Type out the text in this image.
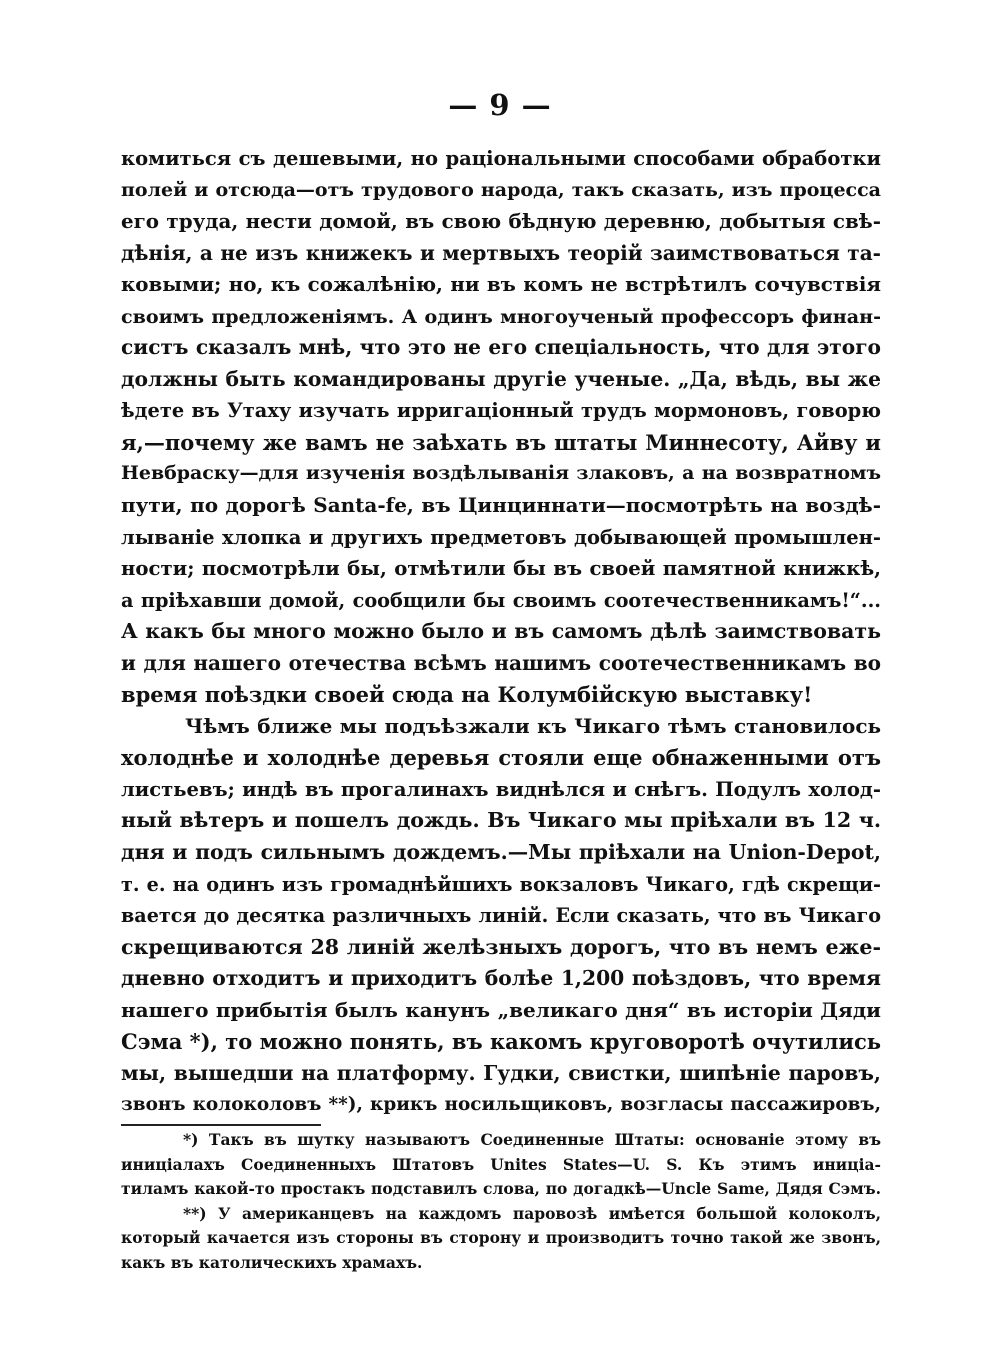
— 9 —
комиться съ дешевыми, но раціональными способами обработки
полей и отсюда—отъ трудового народа, такъ сказать, изъ процесса
его труда, нести домой, въ свою бѣдную деревню, добытыя свѣ-
дѣнія, а не изъ книжекъ и мертвыхъ теорій заимствоваться та-
ковыми; но, къ сожалѣнію, ни въ комъ не встрѣтилъ сочувствія
своимъ предложеніямъ. А одинъ многоученый профессоръ финан-
систъ сказалъ мнѣ, что это не его спеціальность, что для этого
должны быть командированы другіе ученые. „Да, вѣдь, вы же
ѣдете въ Утаху изучать ирригаціонный трудъ мормоновъ, говорю
я,—почему же вамъ не заѣхать въ штаты Миннесоту, Айву и
Невбраску—для изученія воздѣлыванія злаковъ, а на возвратномъ
пути, по дорогѣ Santa-fe, въ Цинциннати—посмотрѣть на воздѣ-
лываніе хлопка и другихъ предметовъ добывающей промышлен-
ности; посмотрѣли бы, отмѣтили бы въ своей памятной книжкѣ,
а пріѣхавши домой, сообщили бы своимъ соотечественникамъ!“...
А какъ бы много можно было и въ самомъ дѣлѣ заимствовать
и для нашего отечества всѣмъ нашимъ соотечественникамъ во
время поѣздки своей сюда на Колумбійскую выставку!
Чѣмъ ближе мы подъѣзжали къ Чикаго тѣмъ становилось
холоднѣе и холоднѣе деревья стояли еще обнаженными отъ
листьевъ; индѣ въ прогалинахъ виднѣлся и снѣгъ. Подулъ холод-
ный вѣтеръ и пошелъ дождь. Въ Чикаго мы пріѣхали въ 12 ч.
дня и подъ сильнымъ дождемъ.—Мы пріѣхали на Union-Depot,
т. е. на одинъ изъ громаднѣйшихъ вокзаловъ Чикаго, гдѣ скрещи-
вается до десятка различныхъ линій. Если сказать, что въ Чикаго
скрещиваются 28 линій желѣзныхъ дорогъ, что въ немъ еже-
дневно отходитъ и приходитъ болѣе 1,200 поѣздовъ, что время
нашего прибытія былъ канунъ „великаго дня“ въ исторіи Дяди
Сэма *), то можно понять, въ какомъ круговоротѣ очутились
мы, вышедши на платформу. Гудки, свистки, шипѣніе паровъ,
звонъ колоколовъ **), крикъ носильщиковъ, возгласы пассажировъ,
*) Такъ въ шутку называютъ Соединенные Штаты: основаніе этому въ
иниціалахъ Соединенныхъ Штатовъ Unites States—U. S. Къ этимъ иниціа-
тиламъ какой-то простакъ подставилъ слова, по догадкѣ—Uncle Same, Дядя Сэмъ.
**) У американцевъ на каждомъ паровозѣ имѣется большой колоколъ,
который качается изъ стороны въ сторону и производитъ точно такой же звонъ,
какъ въ католическихъ храмахъ.
